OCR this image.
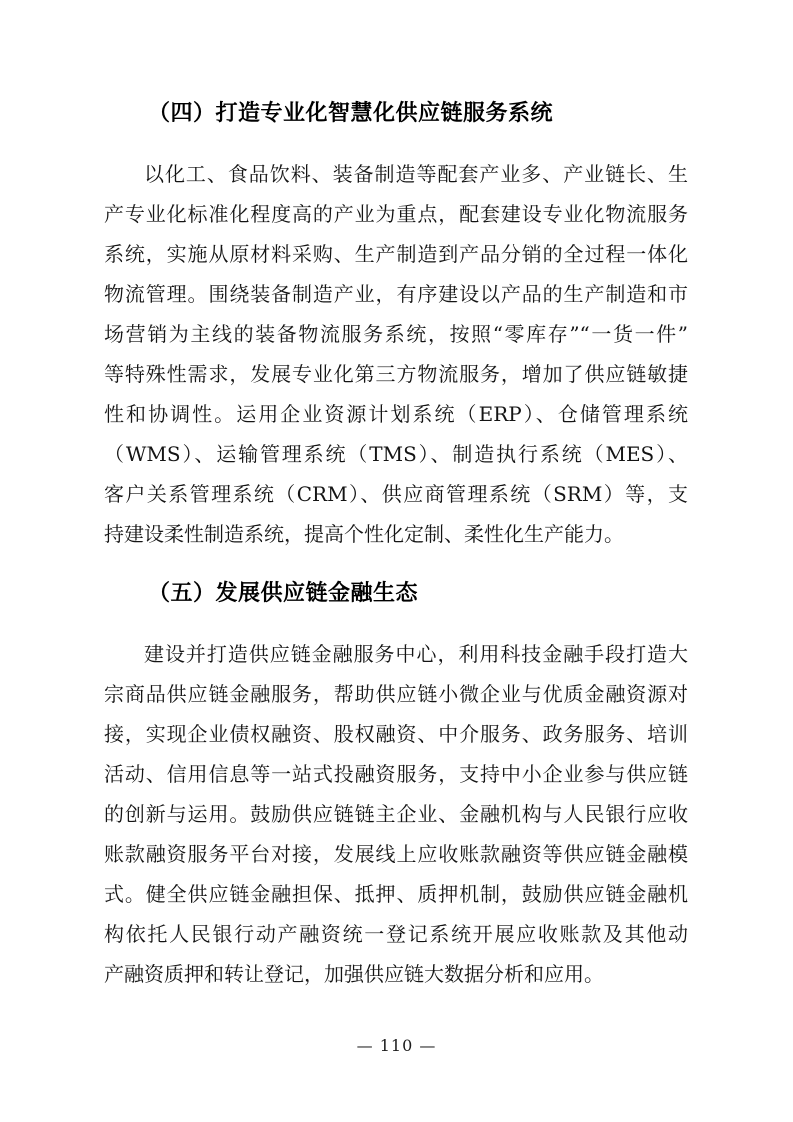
（四）打造专业化智慧化供应链服务系统
以化工、食品饮料、装备制造等配套产业多、产业链长、生
产专业化标准化程度高的产业为重点，配套建设专业化物流服务
系统，实施从原材料采购、生产制造到产品分销的全过程一体化
物流管理。围绕装备制造产业，有序建设以产品的生产制造和市
场营销为主线的装备物流服务系统，按照“零库存”“一货一件”
等特殊性需求，发展专业化第三方物流服务，增加了供应链敏捷
性和协调性。运用企业资源计划系统（ERP）、仓储管理系统
（WMS）、运输管理系统（TMS）、制造执行系统（MES）、
客户关系管理系统（CRM）、供应商管理系统（SRM）等，支
持建设柔性制造系统，提高个性化定制、柔性化生产能力。
（五）发展供应链金融生态
建设并打造供应链金融服务中心，利用科技金融手段打造大
宗商品供应链金融服务，帮助供应链小微企业与优质金融资源对
接，实现企业债权融资、股权融资、中介服务、政务服务、培训
活动、信用信息等一站式投融资服务，支持中小企业参与供应链
的创新与运用。鼓励供应链链主企业、金融机构与人民银行应收
账款融资服务平台对接，发展线上应收账款融资等供应链金融模
式。健全供应链金融担保、抵押、质押机制，鼓励供应链金融机
构依托人民银行动产融资统一登记系统开展应收账款及其他动
产融资质押和转让登记，加强供应链大数据分析和应用。
— 110 —
